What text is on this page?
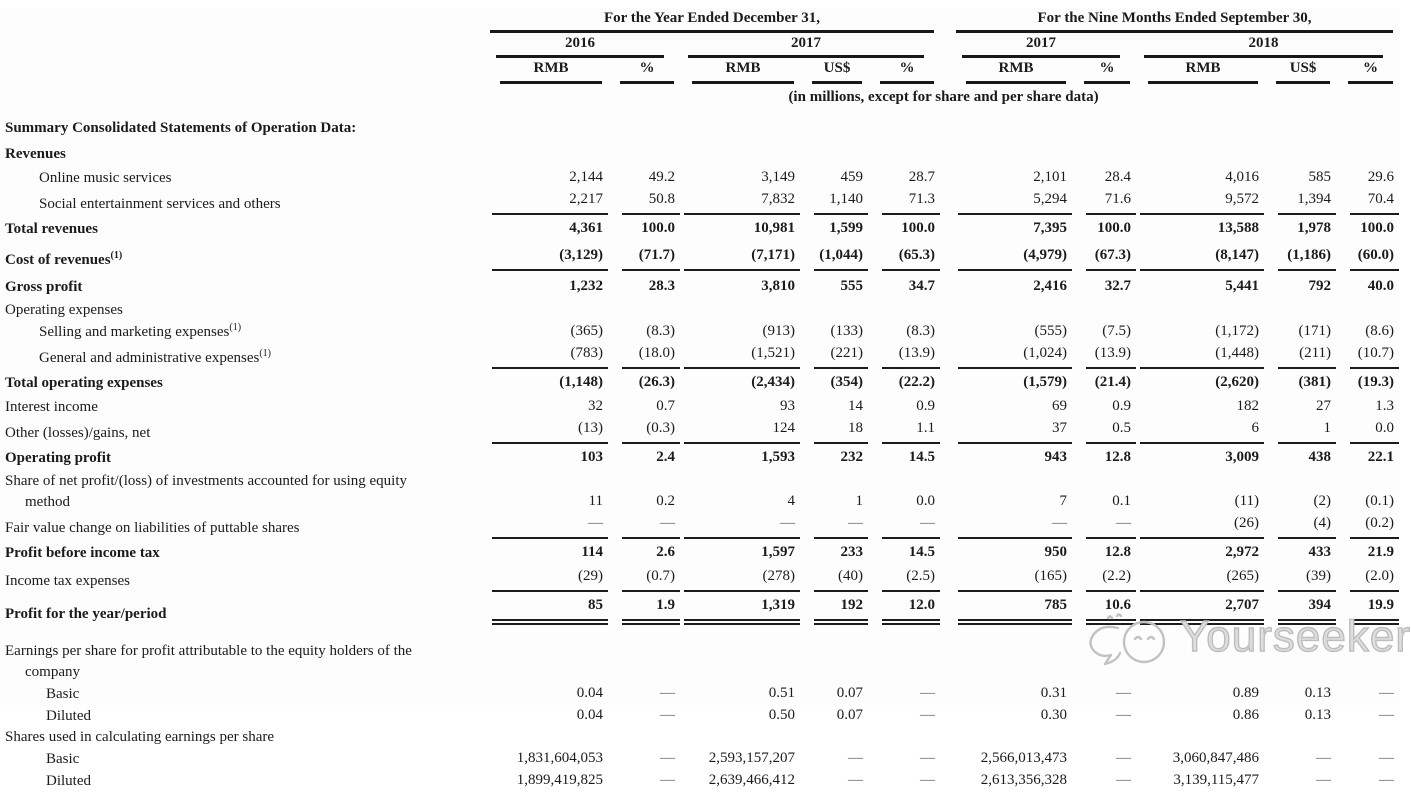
	For the Year Ended December 31,						For the Nine Months Ended September 30,				

	2016		2017				2017		2018		

	RMB	%	RMB	US$	%		RMB	%	RMB	US$	%

	(in millions, except for share and per share data)										

Summary Consolidated Statements of Operation Data:											

Revenues											

Online music services	2,144	49.2	3,149	459	28.7		2,101	28.4	4,016	585	29.6

Social entertainment services and others	2,217	50.8	7,832	1,140	71.3		5,294	71.6	9,572	1,394	70.4

Total revenues	4,361	100.0	10,981	1,599	100.0		7,395	100.0	13,588	1,978	100.0

Cost of revenues$^{(1)}$	(3,129)	(71.7)	(7,171)	(1,044)	(65.3)		(4,979)	(67.3)	(8,147)	(1,186)	(60.0)

Gross profit	1,232	28.3	3,810	555	34.7		2,416	32.7	5,441	792	40.0

Operating expenses											

Selling and marketing expenses$^{(1)}$	(365)	(8.3)	(913)	(133)	(8.3)		(555)	(7.5)	(1,172)	(171)	(8.6)

General and administrative expenses$^{(1)}$	(783)	(18.0)	(1,521)	(221)	(13.9)		(1,024)	(13.9)	(1,448)	(211)	(10.7)

Total operating expenses	(1,148)	(26.3)	(2,434)	(354)	(22.2)		(1,579)	(21.4)	(2,620)	(381)	(19.3)

Interest income	32	0.7	93	14	0.9		69	0.9	182	27	1.3

Other (losses)/gains, net	(13)	(0.3)	124	18	1.1		37	0.5	6	1	0.0

Operating profit	103	2.4	1,593	232	14.5		943	12.8	3,009	438	22.1

Share of net profit/(loss) of investments accounted for using equity
method	11	0.2	4	1	0.0		7	0.1	(11)	(2)	(0.1)

Fair value change on liabilities of puttable shares	—	—	—	—	—		—	—	(26)	(4)	(0.2)

Profit before income tax	114	2.6	1,597	233	14.5		950	12.8	2,972	433	21.9

Income tax expenses	(29)	(0.7)	(278)	(40)	(2.5)		(165)	(2.2)	(265)	(39)	(2.0)

Profit for the year/period	85	1.9	1,319	192	12.0		785	10.6	2,707	394	19.9

Earnings per share for profit attributable to the equity holders of the
company											

Basic	0.04	—	0.51	0.07	—		0.31	—	0.89	0.13	—

Diluted	0.04	—	0.50	0.07	—		0.30	—	0.86	0.13	—

Shares used in calculating earnings per share											

Basic	1,831,604,053	—	2,593,157,207	—	—		2,566,013,473	—	3,060,847,486	—	—

Diluted	1,899,419,825	—	2,639,466,412	—	—		2,613,356,328	—	3,139,115,477	—	—
Yourseeker
